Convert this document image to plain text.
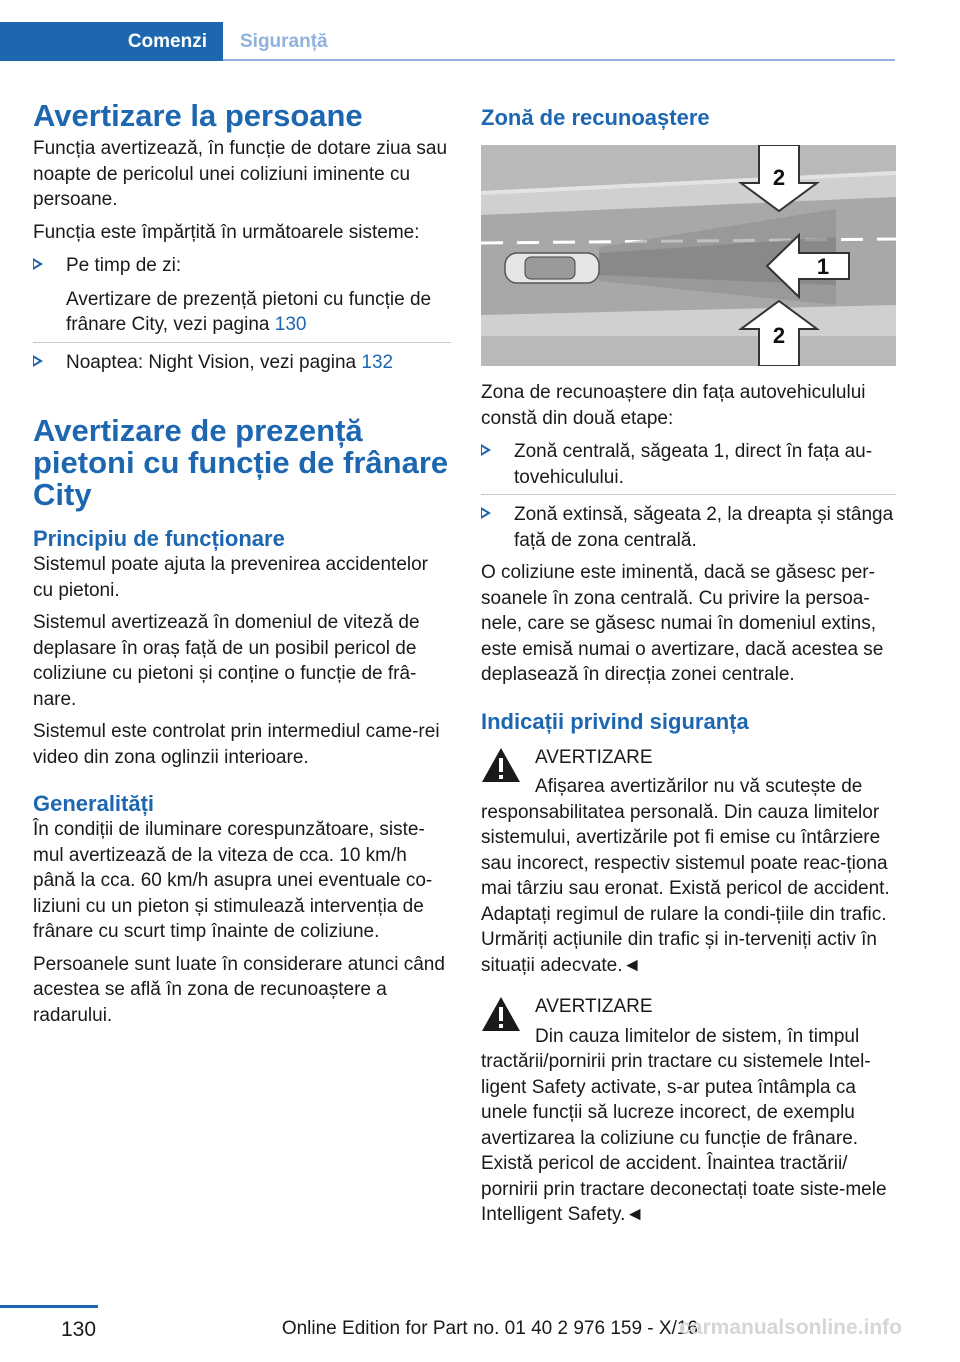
Comenzi	Siguranță
Avertizare la persoane

Funcția avertizează, în funcție de dotare ziua sau noapte de pericolul unei coliziuni iminente cu persoane.

Funcția este împărțită în următoarele sisteme:

Pe timp de zi:
Avertizare de prezență pietoni cu funcție de frânare City, vezi pagina 130
Noaptea: Night Vision, vezi pagina 132
Avertizare de prezență pietoni cu funcție de frânare City
Principiu de funcționare

Sistemul poate ajuta la prevenirea accidentelor cu pietoni.

Sistemul avertizează în domeniul de viteză de deplasare în oraș față de un posibil pericol de coliziune cu pietoni și conține o funcție de frâ-nare.

Sistemul este controlat prin intermediul came-rei video din zona oglinzii interioare.

Generalități

În condiții de iluminare corespunzătoare, siste-mul avertizează de la viteza de cca. 10 km/h până la cca. 60 km/h asupra unei eventuale co-liziuni cu un pieton și stimulează intervenția de frânare cu scurt timp înainte de coliziune.

Persoanele sunt luate în considerare atunci când acestea se află în zona de recunoaștere a radarului.

Zonă de recunoaștere
2
1
2

Zona de recunoaștere din fața autovehiculului constă din două etape:

Zonă centrală, săgeata 1, direct în fața au-tovehiculului.
Zonă extinsă, săgeata 2, la dreapta și stânga față de zona centrală.

O coliziune este iminentă, dacă se găsesc per-soanele în zona centrală. Cu privire la persoa-nele, care se găsesc numai în domeniul extins, este emisă numai o avertizare, dacă acestea se deplasează în direcția zonei centrale.

Indicații privind siguranța
AVERTIZARE

Afișarea avertizărilor nu vă scutește de responsabilitatea personală. Din cauza limitelor sistemului, avertizările pot fi emise cu întârziere sau incorect, respectiv sistemul poate reac-ționa mai târziu sau eronat. Există pericol de accident. Adaptați regimul de rulare la condi-țiile din trafic. Urmăriți acțiunile din trafic și in-terveniți activ în situații adecvate.◄

AVERTIZARE

Din cauza limitelor de sistem, în timpul tractării/pornirii prin tractare cu sistemele Intel-ligent Safety activate, s-ar putea întâmpla ca unele funcții să lucreze incorect, de exemplu avertizarea la coliziune cu funcție de frânare. Există pericol de accident. Înaintea tractării/ pornirii prin tractare deconectați toate siste-mele Intelligent Safety.◄

130	Online Edition for Part no. 01 40 2 976 159 - X/16
carmanualsonline.info
